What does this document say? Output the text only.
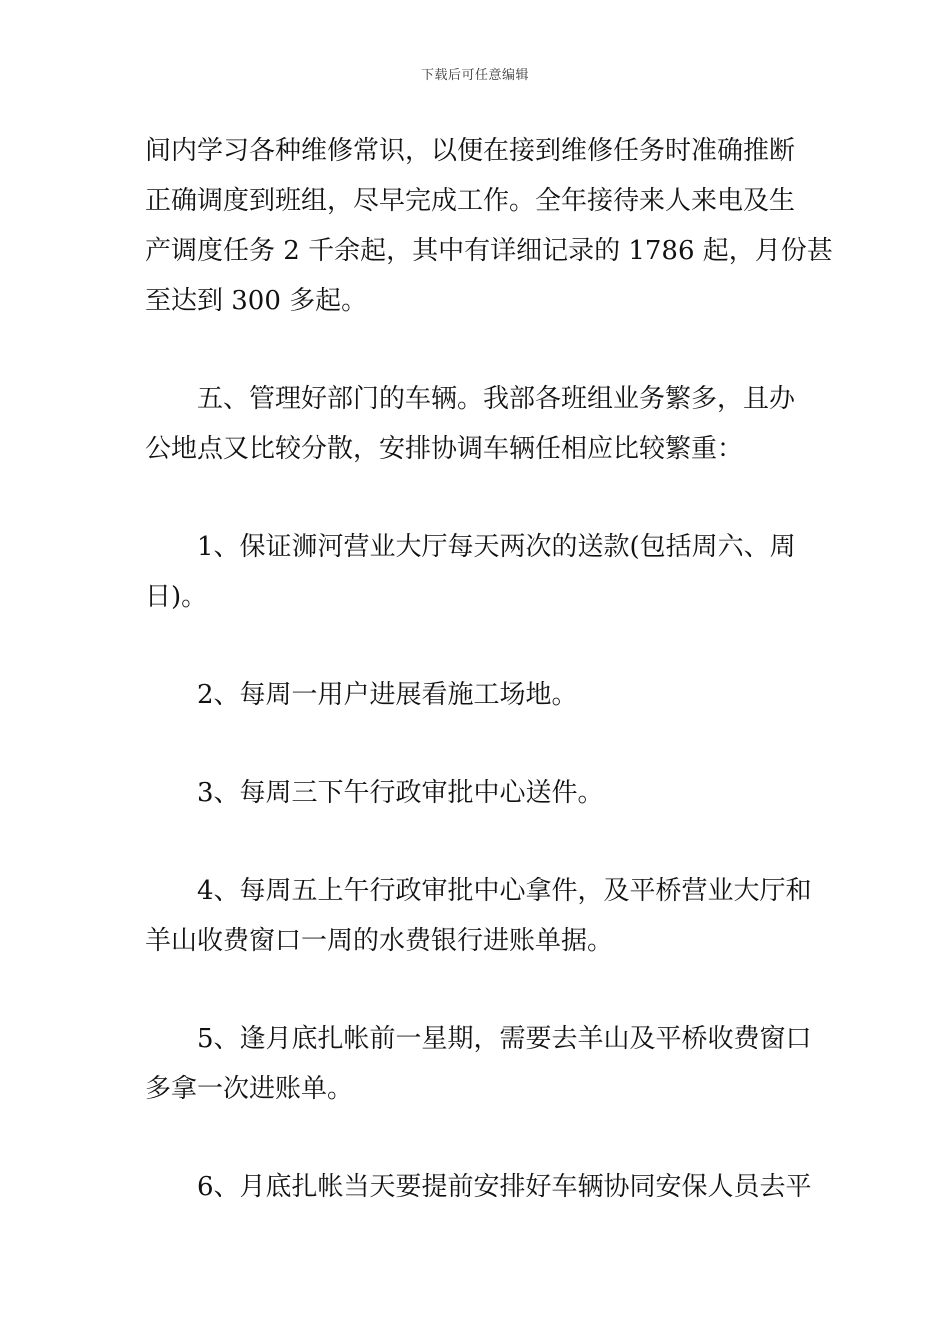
下载后可任意编辑
间内学习各种维修常识，以便在接到维修任务时准确推断
正确调度到班组，尽早完成工作。全年接待来人来电及生
产调度任务 2 千余起，其中有详细记录的 1786 起，月份甚
至达到 300 多起。
五、管理好部门的车辆。我部各班组业务繁多，且办
公地点又比较分散，安排协调车辆任相应比较繁重：
1、保证浉河营业大厅每天两次的送款(包括周六、周
日)。
2、每周一用户进展看施工场地。
3、每周三下午行政审批中心送件。
4、每周五上午行政审批中心拿件，及平桥营业大厅和
羊山收费窗口一周的水费银行进账单据。
5、逢月底扎帐前一星期，需要去羊山及平桥收费窗口
多拿一次进账单。
6、月底扎帐当天要提前安排好车辆协同安保人员去平
